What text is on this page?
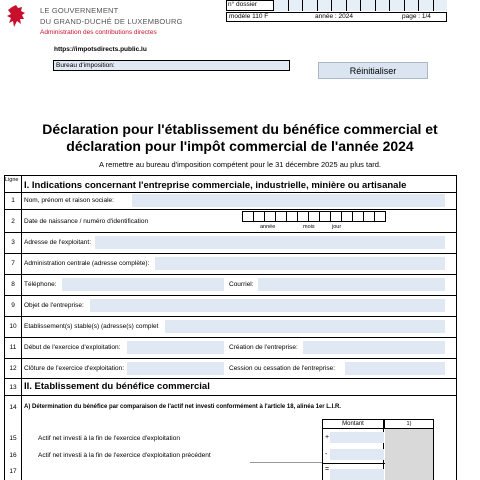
LE GOUVERNEMENT
DU GRAND-DUCHÉ DE LUXEMBOURG
Administration des contributions directes
n° dossier
modèle 110 F	année : 2024	page : 1/4
https://impotsdirects.public.lu
Bureau d'imposition:
Réinitialiser
Déclaration pour l'établissement du bénéfice commercial et
déclaration pour l'impôt commercial de l'année 2024
A remettre au bureau d'imposition compétent pour le 31 décembre 2025 au plus tard.
Ligne I. Indications concernant l'entreprise commerciale, industrielle, minière ou artisanale
1	Nom, prénom et raison sociale:
2	Date de naissance / numéro d'identification
année	mois	jour
3	Adresse de l'exploitant:
7	Administration centrale (adresse complète):
8	Téléphone:	Courriel:
9	Objet de l'entreprise:
10	Etablissement(s) stable(s) (adresse(s) complet
11	Début de l'exercice d'exploitation:	Création de l'entreprise:
12	Clôture de l'exercice d'exploitation:	Cession ou cessation de l'entreprise:
13 II. Etablissement du bénéfice commercial
14	A) Détermination du bénéfice par comparaison de l'actif net investi conformément à l'article 18, alinéa 1er L.I.R.
Montant	1)
15	Actif net investi à la fin de l'exercice d'exploitation	+
16	Actif net investi à la fin de l'exercice d'exploitation précédent	-
17	=
